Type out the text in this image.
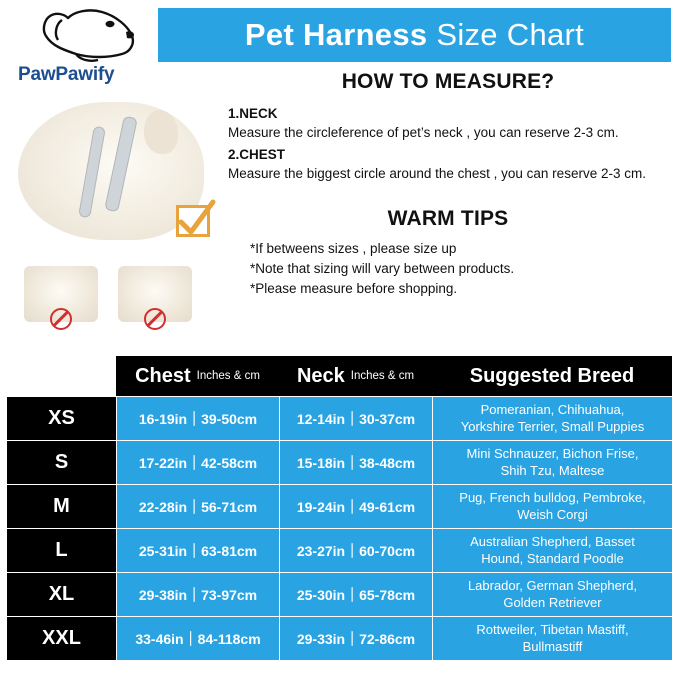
Pet Harness Size Chart
PawPawify	HOW TO MEASURE?
1.NECK
Measure the circleference of pet’s neck , you can reserve 2-3 cm.
2.CHEST
Measure the biggest circle around the chest , you can reserve 2-3 cm.
WARM TIPS
*If betweens sizes , please size up
*Note that sizing will vary between products.
*Please measure before shopping.
Chest Inches & cm Neck Inches & cm	Suggested Breed
XS	16-19in｜39-50cm	12-14in｜30-37cm
Pomeranian, Chihuahua,
Yorkshire Terrier, Small Puppies
S	17-22in｜42-58cm	15-18in｜38-48cm
Mini Schnauzer, Bichon Frise,
Shih Tzu, Maltese
M	22-28in｜56-71cm	19-24in｜49-61cm
Pug, French bulldog, Pembroke,
Weish Corgi
L	25-31in｜63-81cm	23-27in｜60-70cm
Australian Shepherd, Basset
Hound, Standard Poodle
XL	29-38in｜73-97cm	25-30in｜65-78cm
Labrador, German Shepherd,
Golden Retriever
XXL	33-46in｜84-118cm	29-33in｜72-86cm
Rottweiler, Tibetan Mastiff,
Bullmastiff
